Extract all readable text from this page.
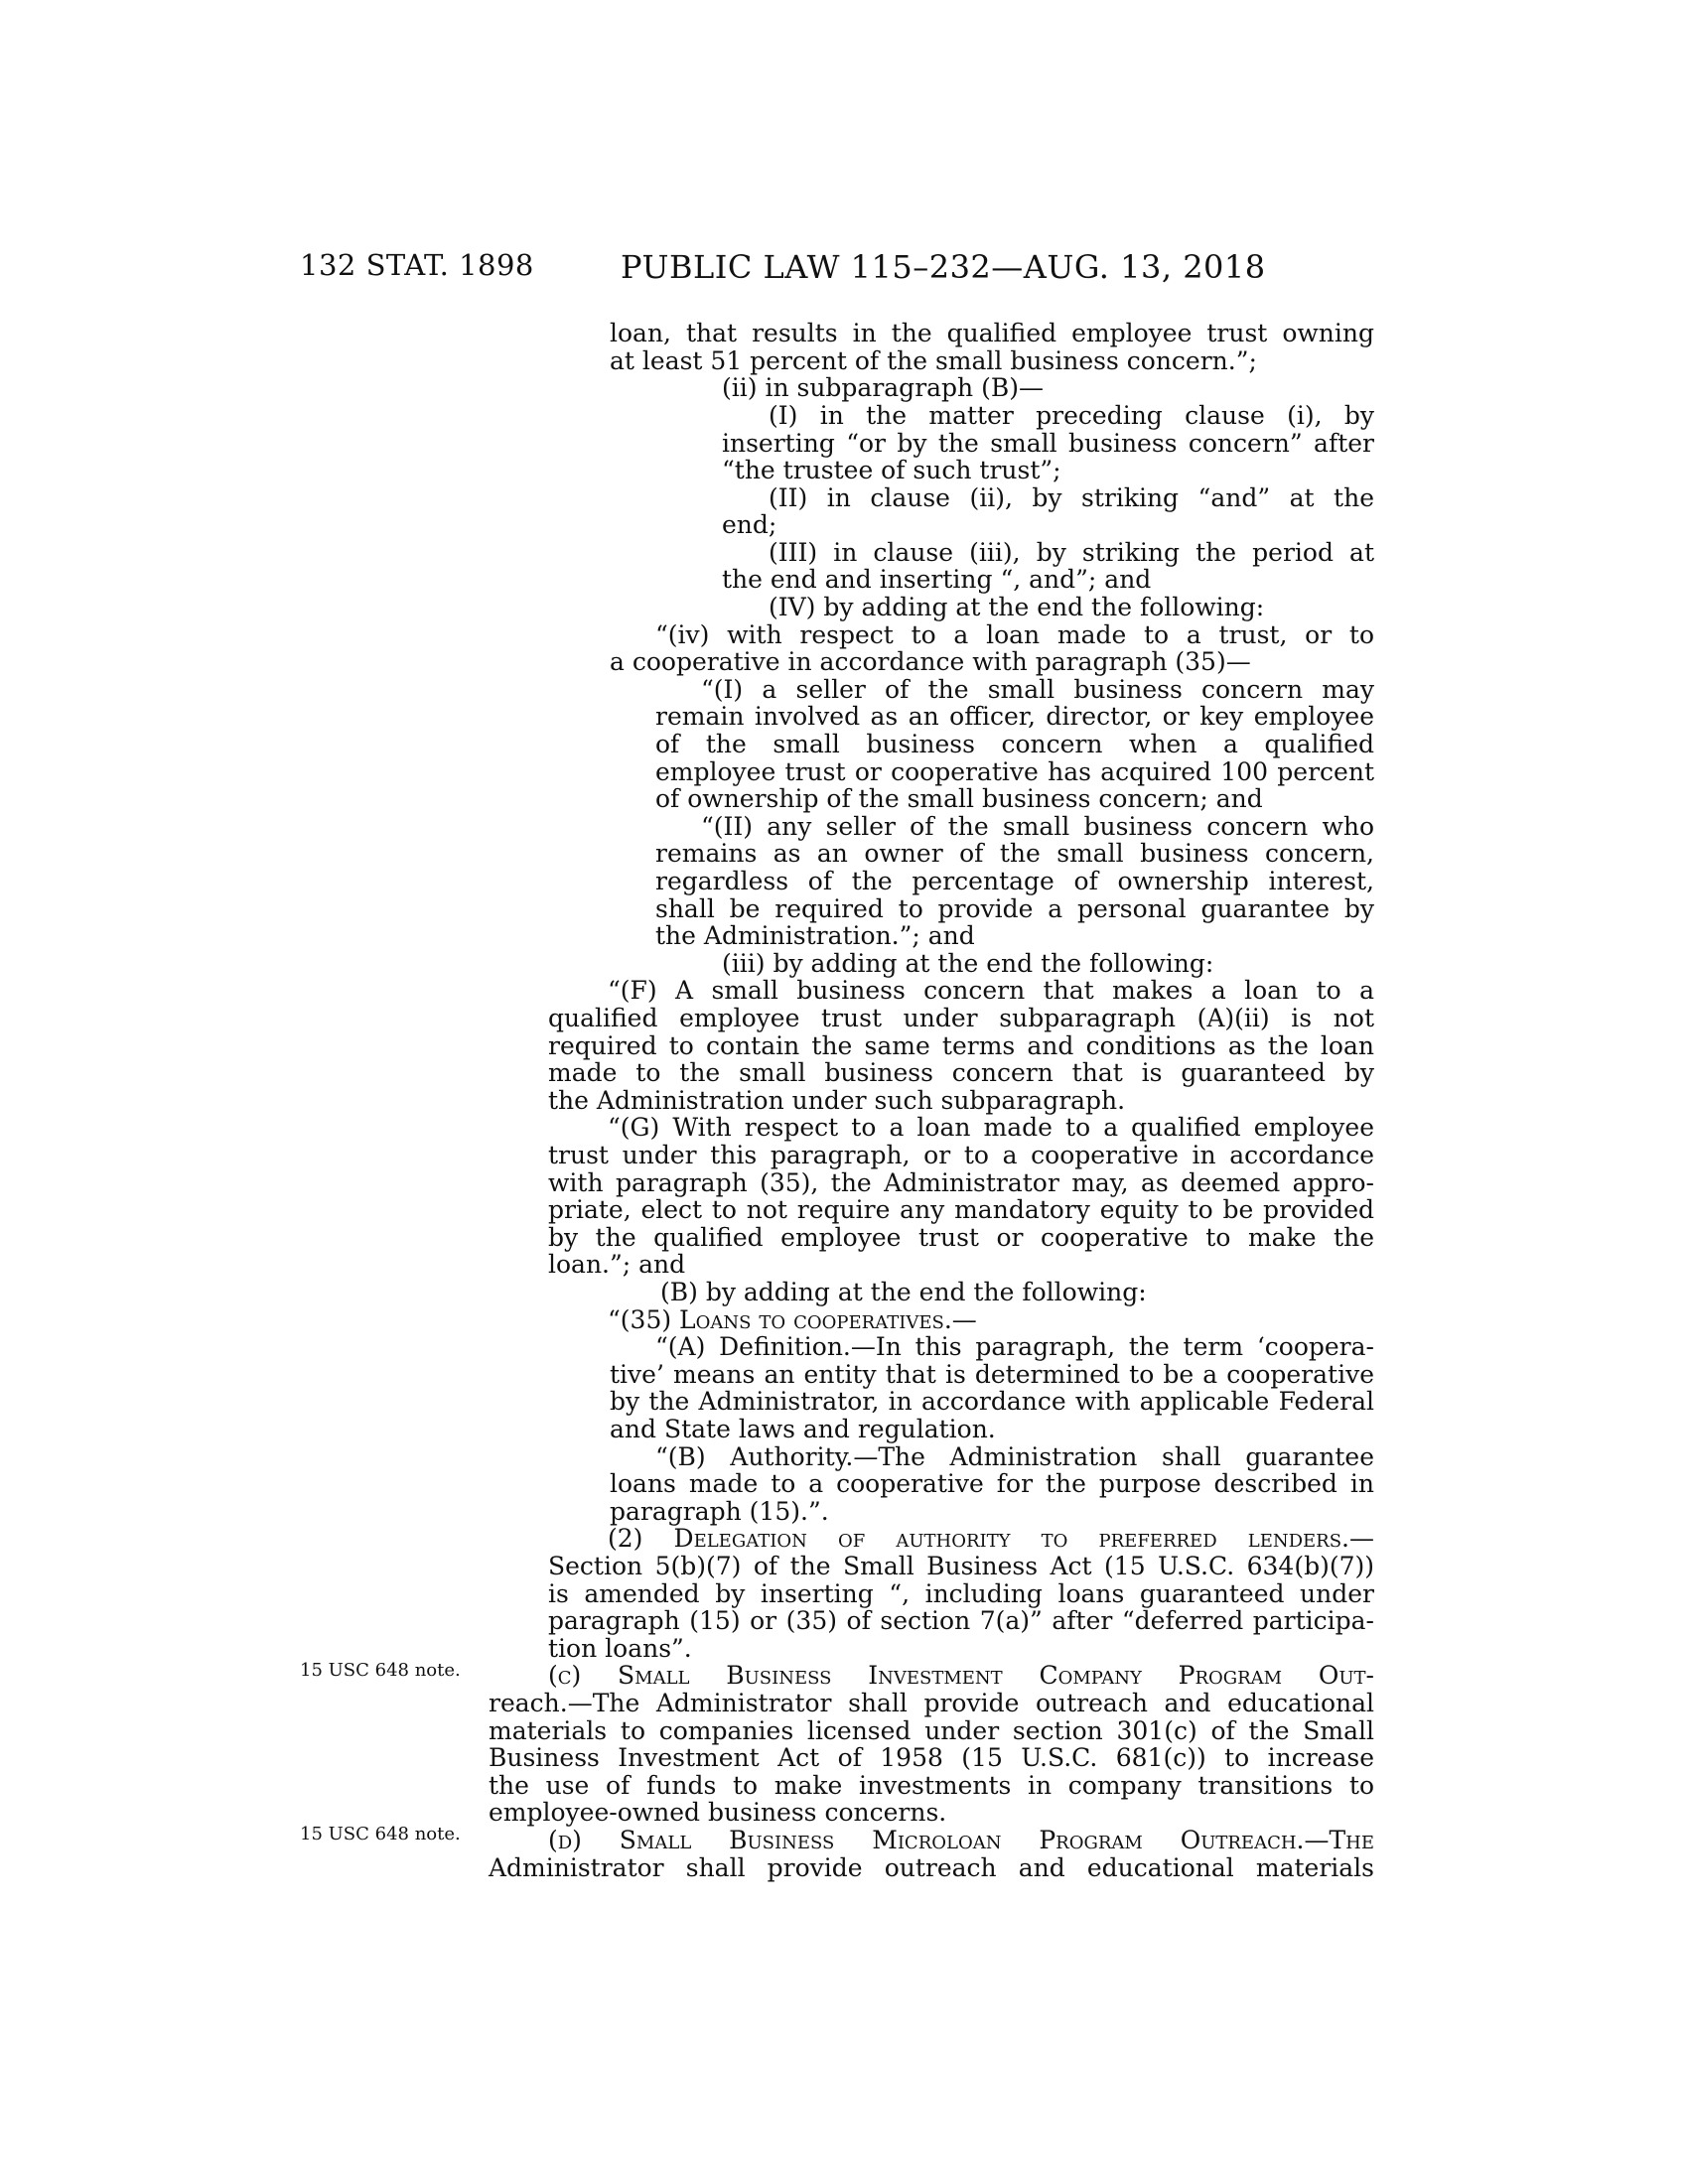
132 STAT. 1898	PUBLIC LAW 115–232—AUG. 13, 2018
15 USC 648 note.
15 USC 648 note.
loan, that results in the qualified employee trust owning
at least 51 percent of the small business concern.”;
(ii) in subparagraph (B)—
(I) in the matter preceding clause (i), by
inserting “or by the small business concern” after
“the trustee of such trust”;
(II) in clause (ii), by striking “and” at the
end;
(III) in clause (iii), by striking the period at
the end and inserting “, and”; and
(IV) by adding at the end the following:
“(iv) with respect to a loan made to a trust, or to
a cooperative in accordance with paragraph (35)—
“(I) a seller of the small business concern may
remain involved as an officer, director, or key employee
of the small business concern when a qualified
employee trust or cooperative has acquired 100 percent
of ownership of the small business concern; and
“(II) any seller of the small business concern who
remains as an owner of the small business concern,
regardless of the percentage of ownership interest,
shall be required to provide a personal guarantee by
the Administration.”; and
(iii) by adding at the end the following:
“(F) A small business concern that makes a loan to a
qualified employee trust under subparagraph (A)(ii) is not
required to contain the same terms and conditions as the loan
made to the small business concern that is guaranteed by
the Administration under such subparagraph.
“(G) With respect to a loan made to a qualified employee
trust under this paragraph, or to a cooperative in accordance
with paragraph (35), the Administrator may, as deemed appro-
priate, elect to not require any mandatory equity to be provided
by the qualified employee trust or cooperative to make the
loan.”; and
(B) by adding at the end the following:
“(35) Loans to cooperatives.—
“(A) Definition.—In this paragraph, the term ‘coopera-
tive’ means an entity that is determined to be a cooperative
by the Administrator, in accordance with applicable Federal
and State laws and regulation.
“(B) Authority.—The Administration shall guarantee
loans made to a cooperative for the purpose described in
paragraph (15).”.
(2) Delegation of authority to preferred lenders.—
Section 5(b)(7) of the Small Business Act (15 U.S.C. 634(b)(7))
is amended by inserting “, including loans guaranteed under
paragraph (15) or (35) of section 7(a)” after “deferred participa-
tion loans”.
(c) Small Business Investment Company Program Out-
reach.—The Administrator shall provide outreach and educational
materials to companies licensed under section 301(c) of the Small
Business Investment Act of 1958 (15 U.S.C. 681(c)) to increase
the use of funds to make investments in company transitions to
employee-owned business concerns.
(d) Small Business Microloan Program Outreach.—The
Administrator shall provide outreach and educational materials
